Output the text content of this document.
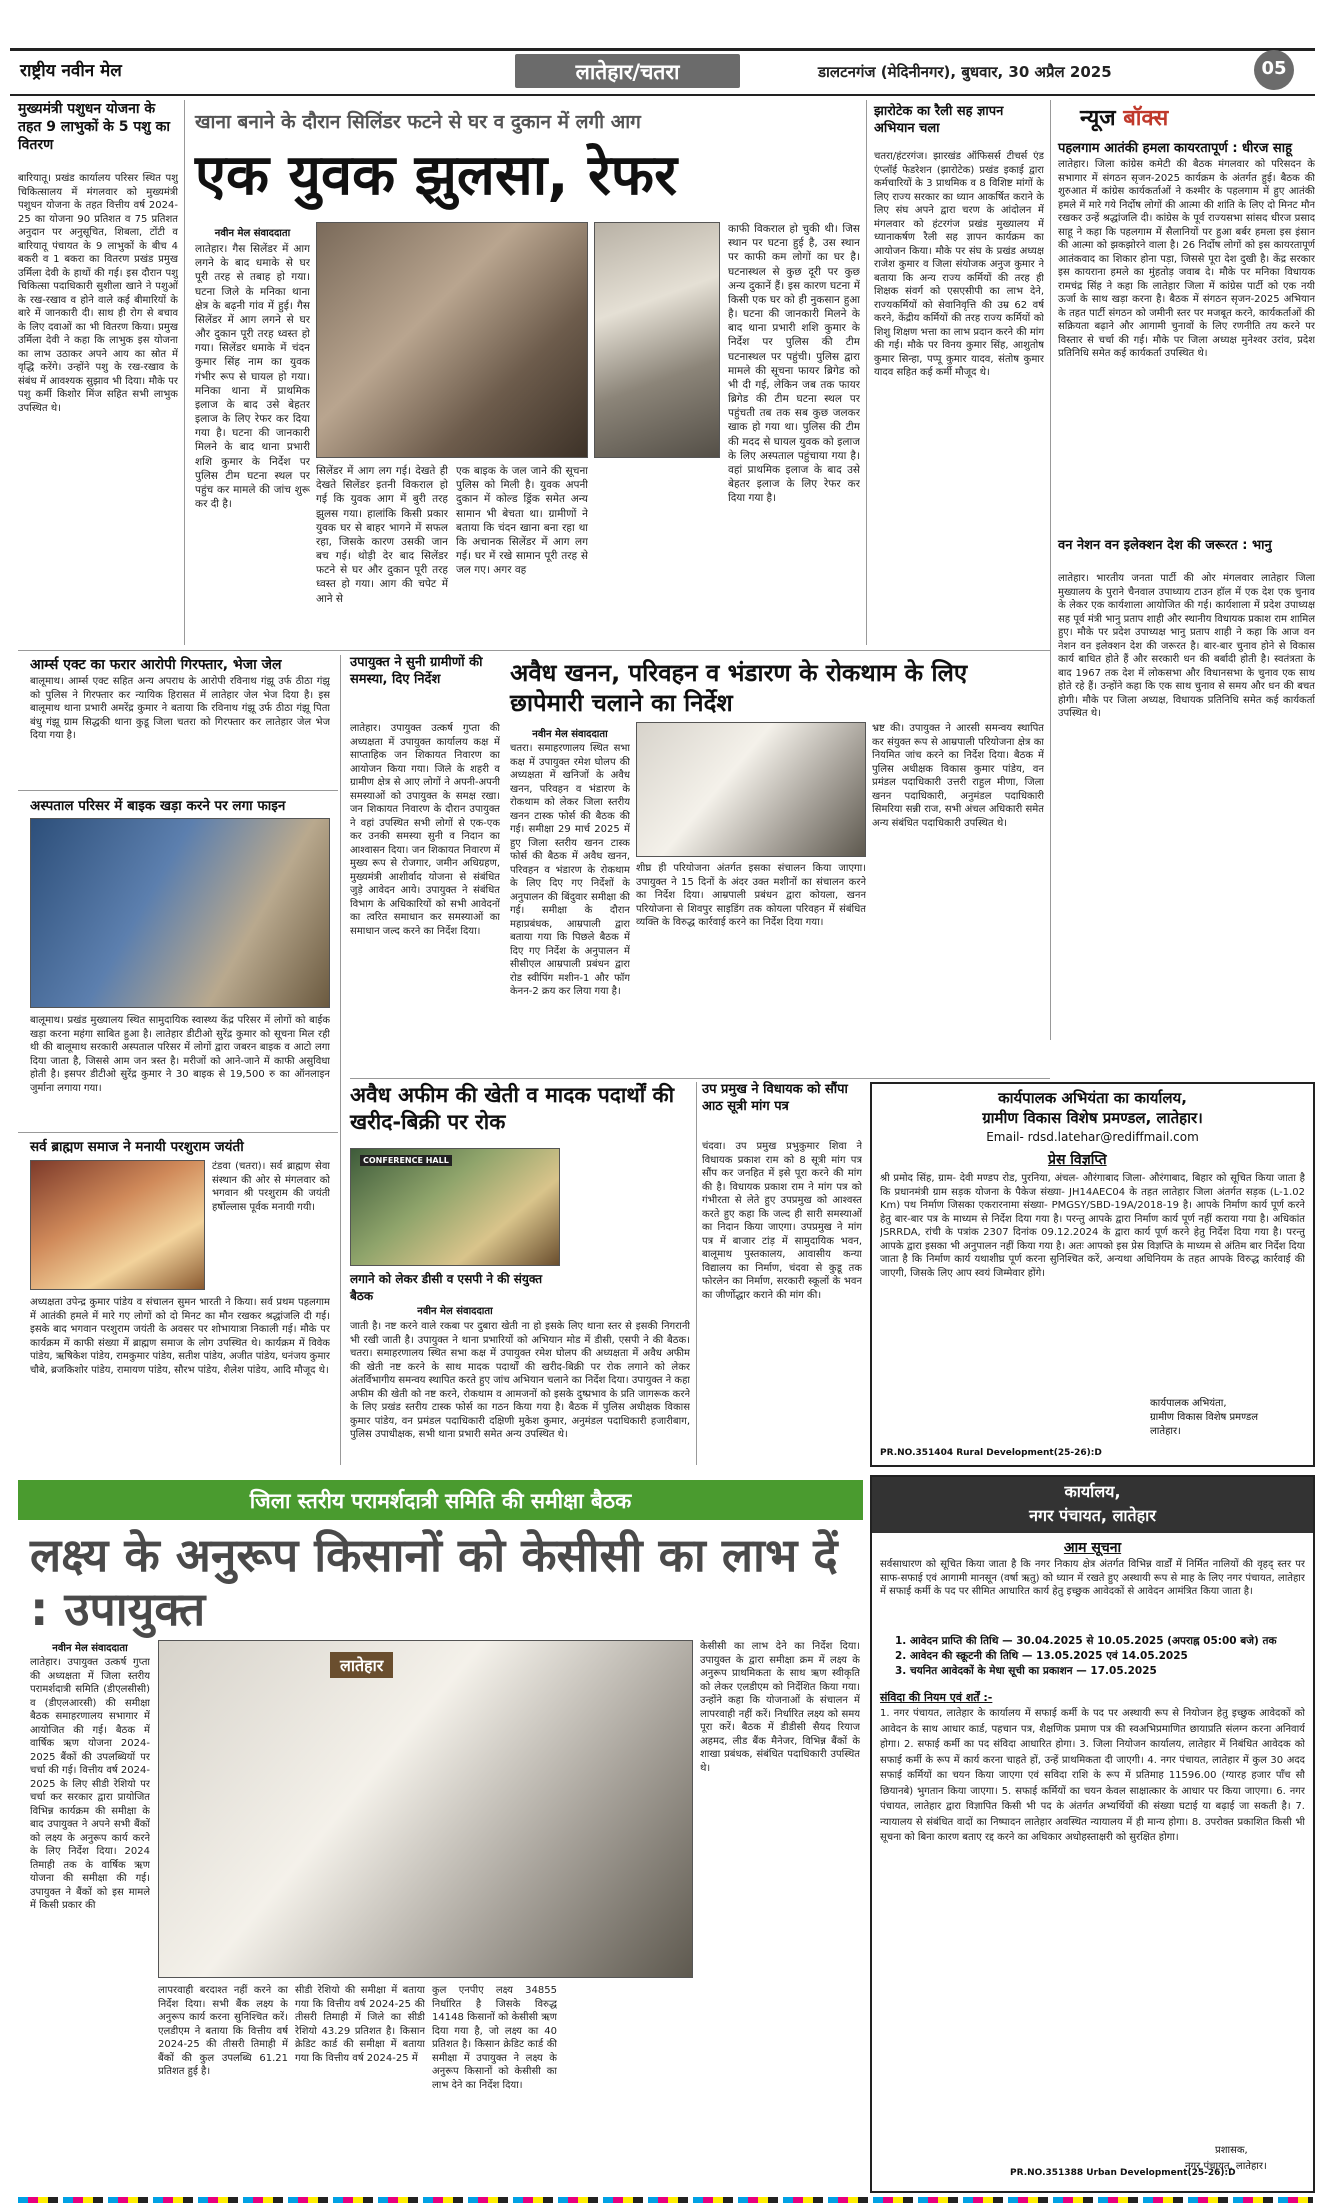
राष्ट्रीय नवीन मेल	लातेहार/चतरा	डालटनगंज (मेदिनीनगर), बुधवार, 30 अप्रैल 2025	05
मुख्यमंत्री पशुधन योजना के तहत 9 लाभुकों के 5 पशु का वितरण
बारियातू। प्रखंड कार्यालय परिसर स्थित पशु चिकित्सालय में मंगलवार को मुख्यमंत्री पशुधन योजना के तहत वित्तीय वर्ष 2024-25 का योजना 90 प्रतिशत व 75 प्रतिशत अनुदान पर अनुसूचित, शिबला, टोंटी व बारियातू पंचायत के 9 लाभुकों के बीच 4 बकरी व 1 बकरा का वितरण प्रखंड प्रमुख उर्मिला देवी के हाथों की गई। इस दौरान पशु चिकित्सा पदाधिकारी सुशीला खाने ने पशुओं के रख-रखाव व होने वाले कई बीमारियों के बारे में जानकारी दी। साथ ही रोग से बचाव के लिए दवाओं का भी वितरण किया। प्रमुख उर्मिला देवी ने कहा कि लाभुक इस योजना का लाभ उठाकर अपने आय का स्रोत में वृद्धि करेंगे। उन्होंने पशु के रख-रखाव के संबंध में आवश्यक सुझाव भी दिया। मौके पर पशु कर्मी किशोर मिंज सहित सभी लाभुक उपस्थित थे।
खाना बनाने के दौरान सिलिंडर फटने से घर व दुकान में लगी आग
एक युवक झुलसा, रेफर
नवीन मेल संवाददाता
लातेहार। गैस सिलेंडर में आग लगने के बाद धमाके से घर पूरी तरह से तबाह हो गया। घटना जिले के मनिका थाना क्षेत्र के बढ़नी गांव में हुई। गैस सिलेंडर में आग लगने से घर और दुकान पूरी तरह ध्वस्त हो गया। सिलेंडर धमाके में चंदन कुमार सिंह नाम का युवक गंभीर रूप से घायल हो गया। मनिका थाना में प्राथमिक इलाज के बाद उसे बेहतर इलाज के लिए रेफर कर दिया गया है। घटना की जानकारी मिलने के बाद थाना प्रभारी शशि कुमार के निर्देश पर पुलिस टीम घटना स्थल पर पहुंच कर मामले की जांच शुरू कर दी है।
सिलेंडर में आग लग गई। देखते ही देखते सिलेंडर इतनी विकराल हो गई कि युवक आग में बुरी तरह झुलस गया। हालांकि किसी प्रकार युवक घर से बाहर भागने में सफल रहा, जिसके कारण उसकी जान बच गई। थोड़ी देर बाद सिलेंडर फटने से घर और दुकान पूरी तरह ध्वस्त हो गया। आग की चपेट में आने से
एक बाइक के जल जाने की सूचना पुलिस को मिली है। युवक अपनी दुकान में कोल्ड ड्रिंक समेत अन्य सामान भी बेचता था। ग्रामीणों ने बताया कि चंदन खाना बना रहा था कि अचानक सिलेंडर में आग लग गई। घर में रखे सामान पूरी तरह से जल गए। अगर वह
काफी विकराल हो चुकी थी। जिस स्थान पर घटना हुई है, उस स्थान पर काफी कम लोगों का घर है। घटनास्थल से कुछ दूरी पर कुछ अन्य दुकानें हैं। इस कारण घटना में किसी एक घर को ही नुकसान हुआ है। घटना की जानकारी मिलने के बाद थाना प्रभारी शशि कुमार के निर्देश पर पुलिस की टीम घटनास्थल पर पहुंची। पुलिस द्वारा मामले की सूचना फायर ब्रिगेड को भी दी गई, लेकिन जब तक फायर ब्रिगेड की टीम घटना स्थल पर पहुंचती तब तक सब कुछ जलकर खाक हो गया था। पुलिस की टीम की मदद से घायल युवक को इलाज के लिए अस्पताल पहुंचाया गया है। वहां प्राथमिक इलाज के बाद उसे बेहतर इलाज के लिए रेफर कर दिया गया है।
झारोटेक का रैली सह ज्ञापन अभियान चला
चतरा/हंटरगंज। झारखंड ऑफिसर्स टीचर्स एंड एंप्लॉई फेडरेशन (झारोटेक) प्रखंड इकाई द्वारा कर्मचारियों के 3 प्राथमिक व 8 विशिष्ट मांगों के लिए राज्य सरकार का ध्यान आकर्षित कराने के लिए संघ अपने द्वारा चरण के आंदोलन में मंगलवार को हंटरगंज प्रखंड मुख्यालय में ध्यानाकर्षण रैली सह ज्ञापन कार्यक्रम का आयोजन किया। मौके पर संघ के प्रखंड अध्यक्ष राजेश कुमार व जिला संयोजक अनुज कुमार ने बताया कि अन्य राज्य कर्मियों की तरह ही शिक्षक संवर्ग को एसएसीपी का लाभ देने, राज्यकर्मियों को सेवानिवृत्ति की उम्र 62 वर्ष करने, केंद्रीय कर्मियों की तरह राज्य कर्मियों को शिशु शिक्षण भत्ता का लाभ प्रदान करने की मांग की गई। मौके पर विनय कुमार सिंह, आशुतोष कुमार सिन्हा, पप्पू कुमार यादव, संतोष कुमार यादव सहित कई कर्मी मौजूद थे।
न्यूज बॉक्स
पहलगाम आतंकी हमला कायरतापूर्ण : धीरज साहू
लातेहार। जिला कांग्रेस कमेटी की बैठक मंगलवार को परिसदन के सभागार में संगठन सृजन-2025 कार्यक्रम के अंतर्गत हुई। बैठक की शुरुआत में कांग्रेस कार्यकर्ताओं ने कश्मीर के पहलगाम में हुए आतंकी हमले में मारे गये निर्दोष लोगों की आत्मा की शांति के लिए दो मिनट मौन रखकर उन्हें श्रद्धांजलि दी। कांग्रेस के पूर्व राज्यसभा सांसद धीरज प्रसाद साहू ने कहा कि पहलगाम में सैलानियों पर हुआ बर्बर हमला इस इंसान की आत्मा को झकझोरने वाला है। 26 निर्दोष लोगों को इस कायरतापूर्ण आतंकवाद का शिकार होना पड़ा, जिससे पूरा देश दुखी है। केंद्र सरकार इस कायराना हमले का मुंहतोड़ जवाब दे। मौके पर मनिका विधायक रामचंद्र सिंह ने कहा कि लातेहार जिला में कांग्रेस पार्टी को एक नयी ऊर्जा के साथ खड़ा करना है। बैठक में संगठन सृजन-2025 अभियान के तहत पार्टी संगठन को जमीनी स्तर पर मजबूत करने, कार्यकर्ताओं की सक्रियता बढ़ाने और आगामी चुनावों के लिए रणनीति तय करने पर विस्तार से चर्चा की गई। मौके पर जिला अध्यक्ष मुनेश्वर उरांव, प्रदेश प्रतिनिधि समेत कई कार्यकर्ता उपस्थित थे।
वन नेशन वन इलेक्शन देश की जरूरत : भानु
लातेहार। भारतीय जनता पार्टी की ओर मंगलवार लातेहार जिला मुख्यालय के पुराने चैनवाल उपाध्याय टाउन हॉल में एक देश एक चुनाव के लेकर एक कार्यशाला आयोजित की गई। कार्यशाला में प्रदेश उपाध्यक्ष सह पूर्व मंत्री भानु प्रताप शाही और स्थानीय विधायक प्रकाश राम शामिल हुए। मौके पर प्रदेश उपाध्यक्ष भानु प्रताप शाही ने कहा कि आज वन नेशन वन इलेक्शन देश की जरूरत है। बार-बार चुनाव होने से विकास कार्य बाधित होते हैं और सरकारी धन की बर्बादी होती है। स्वतंत्रता के बाद 1967 तक देश में लोकसभा और विधानसभा के चुनाव एक साथ होते रहे हैं। उन्होंने कहा कि एक साथ चुनाव से समय और धन की बचत होगी। मौके पर जिला अध्यक्ष, विधायक प्रतिनिधि समेत कई कार्यकर्ता उपस्थित थे।
आर्म्स एक्ट का फरार आरोपी गिरफ्तार, भेजा जेल
बालूमाथ। आर्म्स एक्ट सहित अन्य अपराध के आरोपी रविनाथ गंझू उर्फ ठीठा गंझू को पुलिस ने गिरफ्तार कर न्यायिक हिरासत में लातेहार जेल भेज दिया है। इस बालूमाथ थाना प्रभारी अमरेंद्र कुमार ने बताया कि रविनाथ गंझू उर्फ ठीठा गंझू पिता बंधु गंझू ग्राम सिद्धकी थाना कुडू जिला चतरा को गिरफ्तार कर लातेहार जेल भेज दिया गया है।
अस्पताल परिसर में बाइक खड़ा करने पर लगा फाइन
बालूमाथ। प्रखंड मुख्यालय स्थित सामुदायिक स्वास्थ्य केंद्र परिसर में लोगों को बाईक खड़ा करना महंगा साबित हुआ है। लातेहार डीटीओ सुरेंद्र कुमार को सूचना मिल रही थी की बालूमाथ सरकारी अस्पताल परिसर में लोगों द्वारा जबरन बाइक व आटो लगा दिया जाता है, जिससे आम जन त्रस्त है। मरीजों को आने-जाने में काफी असुविधा होती है। इसपर डीटीओ सुरेंद्र कुमार ने 30 बाइक से 19,500 रु का ऑनलाइन जुर्माना लगाया गया।
सर्व ब्राह्मण समाज ने मनायी परशुराम जयंती
टंडवा (चतरा)। सर्व ब्राह्मण सेवा संस्थान की ओर से मंगलवार को भगवान श्री परशुराम की जयंती हर्षोल्लास पूर्वक मनायी गयी।
अध्यक्षता उपेन्द्र कुमार पांडेय व संचालन सुमन भारती ने किया। सर्व प्रथम पहलगाम में आतंकी हमले में मारे गए लोगों को दो मिनट का मौन रखकर श्रद्धांजलि दी गई। इसके बाद भगवान परशुराम जयंती के अवसर पर शोभायात्रा निकाली गई। मौके पर कार्यक्रम में काफी संख्या में ब्राह्मण समाज के लोग उपस्थित थे। कार्यक्रम में विवेक पांडेय, ऋषिकेश पांडेय, रामकुमार पांडेय, सतीश पांडेय, अजीत पांडेय, धनंजय कुमार चौबे, ब्रजकिशोर पांडेय, रामायण पांडेय, सौरभ पांडेय, शैलेश पांडेय, आदि मौजूद थे।
उपायुक्त ने सुनी ग्रामीणों की समस्या, दिए निर्देश
लातेहार। उपायुक्त उत्कर्ष गुप्ता की अध्यक्षता में उपायुक्त कार्यालय कक्ष में साप्ताहिक जन शिकायत निवारण का आयोजन किया गया। जिले के शहरी व ग्रामीण क्षेत्र से आए लोगों ने अपनी-अपनी समस्याओं को उपायुक्त के समक्ष रखा। जन शिकायत निवारण के दौरान उपायुक्त ने वहां उपस्थित सभी लोगों से एक-एक कर उनकी समस्या सुनी व निदान का आश्वासन दिया। जन शिकायत निवारण में मुख्य रूप से रोजगार, जमीन अधिग्रहण, मुख्यमंत्री आशीर्वाद योजना से संबंधित जुड़े आवेदन आये। उपायुक्त ने संबंधित विभाग के अधिकारियों को सभी आवेदनों का त्वरित समाधान कर समस्याओं का समाधान जल्द करने का निर्देश दिया।
अवैध खनन, परिवहन व भंडारण के रोकथाम के लिए छापेमारी चलाने का निर्देश
नवीन मेल संवाददाता
चतरा। समाहरणालय स्थित सभा कक्ष में उपायुक्त रमेश घोलप की अध्यक्षता में खनिजों के अवैध खनन, परिवहन व भंडारण के रोकथाम को लेकर जिला स्तरीय खनन टास्क फोर्स की बैठक की गई। समीक्षा 29 मार्च 2025 में हुए जिला स्तरीय खनन टास्क फोर्स की बैठक में अवैध खनन, परिवहन व भंडारण के रोकथाम के लिए दिए गए निर्देशों के अनुपालन की बिंदुवार समीक्षा की गई। समीक्षा के दौरान महाप्रबंधक, आम्रपाली द्वारा बताया गया कि पिछले बैठक में दिए गए निर्देश के अनुपालन में सीसीएल आम्रपाली प्रबंधन द्वारा रोड स्वीपिंग मशीन-1 और फॉग केनन-2 क्रय कर लिया गया है।
शीघ्र ही परियोजना अंतर्गत इसका संचालन किया जाएगा। उपायुक्त ने 15 दिनों के अंदर उक्त मशीनों का संचालन करने का निर्देश दिया। आम्रपाली प्रबंधन द्वारा कोयला, खनन परियोजना से शिवपुर साइडिंग तक कोयला परिवहन में संबंधित व्यक्ति के विरुद्ध कार्रवाई करने का निर्देश दिया गया।
भ्रष्ट की। उपायुक्त ने आरसी समन्वय स्थापित कर संयुक्त रूप से आम्रपाली परियोजना क्षेत्र का नियमित जांच करने का निर्देश दिया। बैठक में पुलिस अधीक्षक विकास कुमार पांडेय, वन प्रमंडल पदाधिकारी उत्तरी राहुल मीणा, जिला खनन पदाधिकारी, अनुमंडल पदाधिकारी सिमरिया सन्नी राज, सभी अंचल अधिकारी समेत अन्य संबंधित पदाधिकारी उपस्थित थे।
अवैध अफीम की खेती व मादक पदार्थों की खरीद-बिक्री पर रोक
CONFERENCE HALL
लगाने को लेकर डीसी व एसपी ने की संयुक्त बैठक
नवीन मेल संवाददाता
जाती है। नष्ट करने वाले रकबा पर दुबारा खेती ना हो इसके लिए थाना स्तर से इसकी निगरानी भी रखी जाती है। उपायुक्त ने थाना प्रभारियों को अभियान मोड में डीसी, एसपी ने की बैठक। चतरा। समाहरणालय स्थित सभा कक्ष में उपायुक्त रमेश घोलप की अध्यक्षता में अवैध अफीम की खेती नष्ट करने के साथ मादक पदार्थों की खरीद-बिक्री पर रोक लगाने को लेकर अंतर्विभागीय समन्वय स्थापित करते हुए जांच अभियान चलाने का निर्देश दिया। उपायुक्त ने कहा अफीम की खेती को नष्ट करने, रोकथाम व आमजनों को इसके दुष्प्रभाव के प्रति जागरूक करने के लिए प्रखंड स्तरीय टास्क फोर्स का गठन किया गया है। बैठक में पुलिस अधीक्षक विकास कुमार पांडेय, वन प्रमंडल पदाधिकारी दक्षिणी मुकेश कुमार, अनुमंडल पदाधिकारी हजारीबाग, पुलिस उपाधीक्षक, सभी थाना प्रभारी समेत अन्य उपस्थित थे।
उप प्रमुख ने विधायक को सौंपा आठ सूत्री मांग पत्र
चंदवा। उप प्रमुख प्रभुकुमार शिवा ने विधायक प्रकाश राम को 8 सूत्री मांग पत्र सौंप कर जनहित में इसे पूरा करने की मांग की है। विधायक प्रकाश राम ने मांग पत्र को गंभीरता से लेते हुए उपप्रमुख को आश्वस्त करते हुए कहा कि जल्द ही सारी समस्याओं का निदान किया जाएगा। उपप्रमुख ने मांग पत्र में बाजार टांड़ में सामुदायिक भवन, बालूमाथ पुस्तकालय, आवासीय कन्या विद्यालय का निर्माण, चंदवा से कुडू तक फोरलेन का निर्माण, सरकारी स्कूलों के भवन का जीर्णोद्धार कराने की मांग की।
कार्यपालक अभियंता का कार्यालय,
ग्रामीण विकास विशेष प्रमण्डल, लातेहार।
Email- rdsd.latehar@rediffmail.com
प्रेस विज्ञप्ति
श्री प्रमोद सिंह, ग्राम- देवी मण्डप रोड, पुरनिया, अंचल- औरंगाबाद जिला- औरंगाबाद, बिहार को सूचित किया जाता है कि प्रधानमंत्री ग्राम सड़क योजना के पैकेज संख्या- JH14AEC04 के तहत लातेहार जिला अंतर्गत सड़क (L-1.02 Km) पथ निर्माण जिसका एकरारनामा संख्या- PMGSY/SBD-19A/2018-19 है। आपके निर्माण कार्य पूर्ण करने हेतु बार-बार पत्र के माध्यम से निर्देश दिया गया है। परन्तु आपके द्वारा निर्माण कार्य पूर्ण नहीं कराया गया है। अधिकांत JSRRDA, रांची के पत्रांक 2307 दिनांक 09.12.2024 के द्वारा कार्य पूर्ण करने हेतु निर्देश दिया गया है। परन्तु आपके द्वारा इसका भी अनुपालन नहीं किया गया है। अतः आपको इस प्रेस विज्ञप्ति के माध्यम से अंतिम बार निर्देश दिया जाता है कि निर्माण कार्य यथाशीघ्र पूर्ण करना सुनिश्चित करें, अन्यथा अधिनियम के तहत आपके विरुद्ध कार्रवाई की जाएगी, जिसके लिए आप स्वयं जिम्मेवार होंगे।
कार्यपालक अभियंता,
ग्रामीण विकास विशेष प्रमण्डल
लातेहार।
PR.NO.351404 Rural Development(25-26):D
कार्यालय,
नगर पंचायत, लातेहार
आम सूचना
सर्वसाधारण को सूचित किया जाता है कि नगर निकाय क्षेत्र अंतर्गत विभिन्न वार्डों में निर्मित नालियों की वृहद् स्तर पर साफ-सफाई एवं आगामी मानसून (वर्षा ऋतु) को ध्यान में रखते हुए अस्थायी रूप से माह के लिए नगर पंचायत, लातेहार में सफाई कर्मी के पद पर सीमित आधारित कार्य हेतु इच्छुक आवेदकों से आवेदन आमंत्रित किया जाता है।
1. आवेदन प्राप्ति की तिथि — 30.04.2025 से 10.05.2025 (अपराह्न 05:00 बजे) तक
2. आवेदन की स्क्रूटनी की तिथि — 13.05.2025 एवं 14.05.2025
3. चयनित आवेदकों के मेधा सूची का प्रकाशन — 17.05.2025
संविदा की नियम एवं शर्तें :-
1. नगर पंचायत, लातेहार के कार्यालय में सफाई कर्मी के पद पर अस्थायी रूप से नियोजन हेतु इच्छुक आवेदकों को आवेदन के साथ आधार कार्ड, पहचान पत्र, शैक्षणिक प्रमाण पत्र की स्वअभिप्रमाणित छायाप्रति संलग्न करना अनिवार्य होगा। 2. सफाई कर्मी का पद संविदा आधारित होगा। 3. जिला नियोजन कार्यालय, लातेहार में निबंधित आवेदक को सफाई कर्मी के रूप में कार्य करना चाहते हों, उन्हें प्राथमिकता दी जाएगी। 4. नगर पंचायत, लातेहार में कुल 30 अदद सफाई कर्मियों का चयन किया जाएगा एवं सविदा राशि के रूप में प्रतिमाह 11596.00 (ग्यारह हजार पाँच सौ छियानबे) भुगतान किया जाएगा। 5. सफाई कर्मियों का चयन केवल साक्षात्कार के आधार पर किया जाएगा। 6. नगर पंचायत, लातेहार द्वारा विज्ञापित किसी भी पद के अंतर्गत अभ्यर्थियों की संख्या घटाई या बढ़ाई जा सकती है। 7. न्यायालय से संबंधित वादों का निष्पादन लातेहार अवस्थित न्यायालय में ही मान्य होगा। 8. उपरोक्त प्रकाशित किसी भी सूचना को बिना कारण बताए रद्द करने का अधिकार अधोहस्ताक्षरी को सुरक्षित होगा।
PR.NO.351388 Urban Development(25-26):D
प्रशासक,
नगर पंचायत, लातेहार।
जिला स्तरीय परामर्शदात्री समिति की समीक्षा बैठक
लक्ष्य के अनुरूप किसानों को केसीसी का लाभ दें : उपायुक्त
नवीन मेल संवाददाता
लातेहार। उपायुक्त उत्कर्ष गुप्ता की अध्यक्षता में जिला स्तरीय परामर्शदात्री समिति (डीएलसीसी) व (डीएलआरसी) की समीक्षा बैठक समाहरणालय सभागार में आयोजित की गई। बैठक में वार्षिक ऋण योजना 2024-2025 बैंकों की उपलब्धियों पर चर्चा की गई। वित्तीय वर्ष 2024-2025 के लिए सीडी रेशियो पर चर्चा कर सरकार द्वारा प्रायोजित विभिन्न कार्यक्रम की समीक्षा के बाद उपायुक्त ने अपने सभी बैंकों को लक्ष्य के अनुरूप कार्य करने के लिए निर्देश दिया। 2024 तिमाही तक के वार्षिक ऋण योजना की समीक्षा की गई। उपायुक्त ने बैंकों को इस मामले में किसी प्रकार की
लातेहार
लापरवाही बरदाश्त नहीं करने का निर्देश दिया। सभी बैंक लक्ष्य के अनुरूप कार्य करना सुनिश्चित करें। एलडीएम ने बताया कि वित्तीय वर्ष 2024-25 की तीसरी तिमाही में बैंकों की कुल उपलब्धि 61.21 प्रतिशत हुई है।
सीडी रेशियो की समीक्षा में बताया गया कि वित्तीय वर्ष 2024-25 की तीसरी तिमाही में जिले का सीडी रेशियो 43.29 प्रतिशत है। किसान क्रेडिट कार्ड की समीक्षा में बताया गया कि वित्तीय वर्ष 2024-25 में
कुल एनपीए लक्ष्य 34855 निर्धारित है जिसके विरुद्ध 14148 किसानों को केसीसी ऋण दिया गया है, जो लक्ष्य का 40 प्रतिशत है। किसान क्रेडिट कार्ड की समीक्षा में उपायुक्त ने लक्ष्य के अनुरूप किसानों को केसीसी का लाभ देने का निर्देश दिया।
केसीसी का लाभ देने का निर्देश दिया। उपायुक्त के द्वारा समीक्षा क्रम में लक्ष्य के अनुरूप प्राथमिकता के साथ ऋण स्वीकृति को लेकर एलडीएम को निर्देशित किया गया। उन्होंने कहा कि योजनाओं के संचालन में लापरवाही नहीं करें। निर्धारित लक्ष्य को समय पूरा करें। बैठक में डीडीसी सैयद रियाज अहमद, लीड बैंक मैनेजर, विभिन्न बैंकों के शाखा प्रबंधक, संबंधित पदाधिकारी उपस्थित थे।
